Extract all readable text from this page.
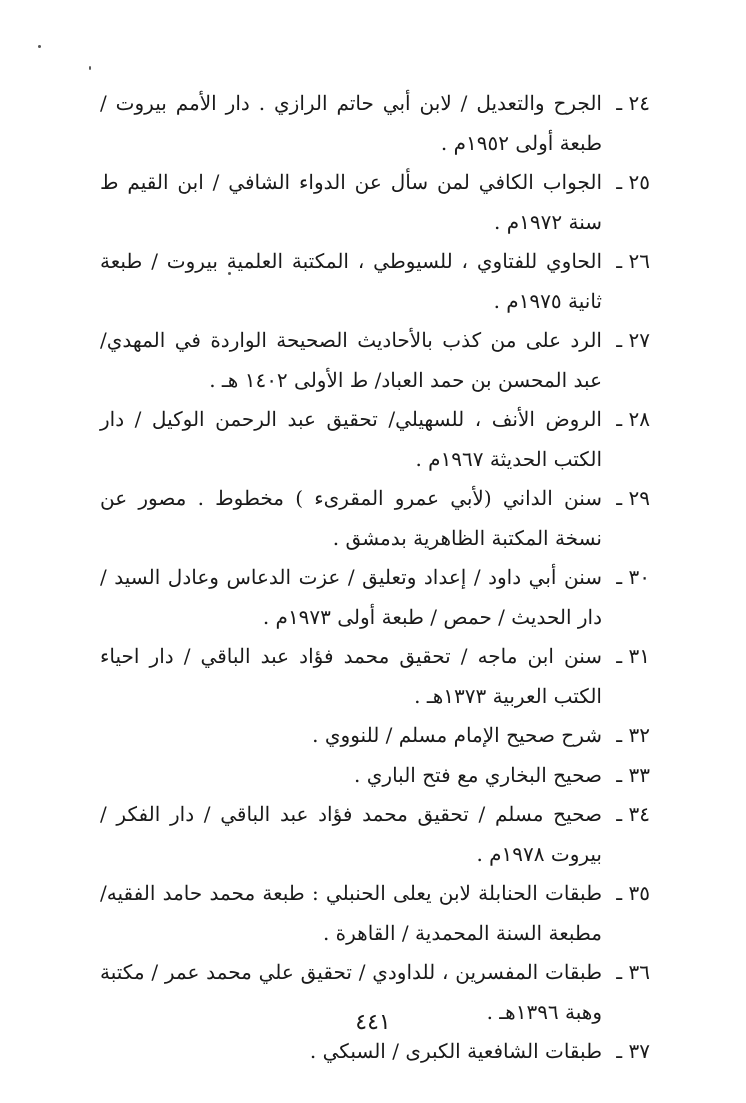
٢٤ ـ
الجرح والتعديل / لابن أبي حاتم الرازي . دار الأمم بيروت / طبعة أولى ١٩٥٢م .
٢٥ ـ
الجواب الكافي لمن سأل عن الدواء الشافي / ابن القيم ط سنة ١٩٧٢م .
٢٦ ـ
الحاوي للفتاوي ، للسيوطي ، المكتبة العلمية بيروت / طبعة ثانية ١٩٧٥م .
٢٧ ـ
الرد على من كذب بالأحاديث الصحيحة الواردة في المهدي/ عبد المحسن بن حمد العباد/ ط الأولى ١٤٠٢ هـ .
٢٨ ـ
الروض الأنف ، للسهيلي/ تحقيق عبد الرحمن الوكيل / دار الكتب الحديثة ١٩٦٧م .
٢٩ ـ
سنن الداني (لأبي عمرو المقرىء ) مخطوط . مصور عن نسخة المكتبة الظاهرية بدمشق .
٣٠ ـ
سنن أبي داود / إعداد وتعليق / عزت الدعاس وعادل السيد / دار الحديث / حمص / طبعة أولى ١٩٧٣م .
٣١ ـ
سنن ابن ماجه / تحقيق محمد فؤاد عبد الباقي / دار احياء الكتب العربية ١٣٧٣هـ .
٣٢ ـ
شرح صحيح الإمام مسلم / للنووي .
٣٣ ـ
صحيح البخاري مع فتح الباري .
٣٤ ـ
صحيح مسلم / تحقيق محمد فؤاد عبد الباقي / دار الفكر / بيروت ١٩٧٨م .
٣٥ ـ
طبقات الحنابلة لابن يعلى الحنبلي : طبعة محمد حامد الفقيه/ مطبعة السنة المحمدية / القاهرة .
٣٦ ـ
طبقات المفسرين ، للداودي / تحقيق علي محمد عمر / مكتبة وهبة ١٣٩٦هـ .
٣٧ ـ
طبقات الشافعية الكبرى / السبكي .
٤٤١
